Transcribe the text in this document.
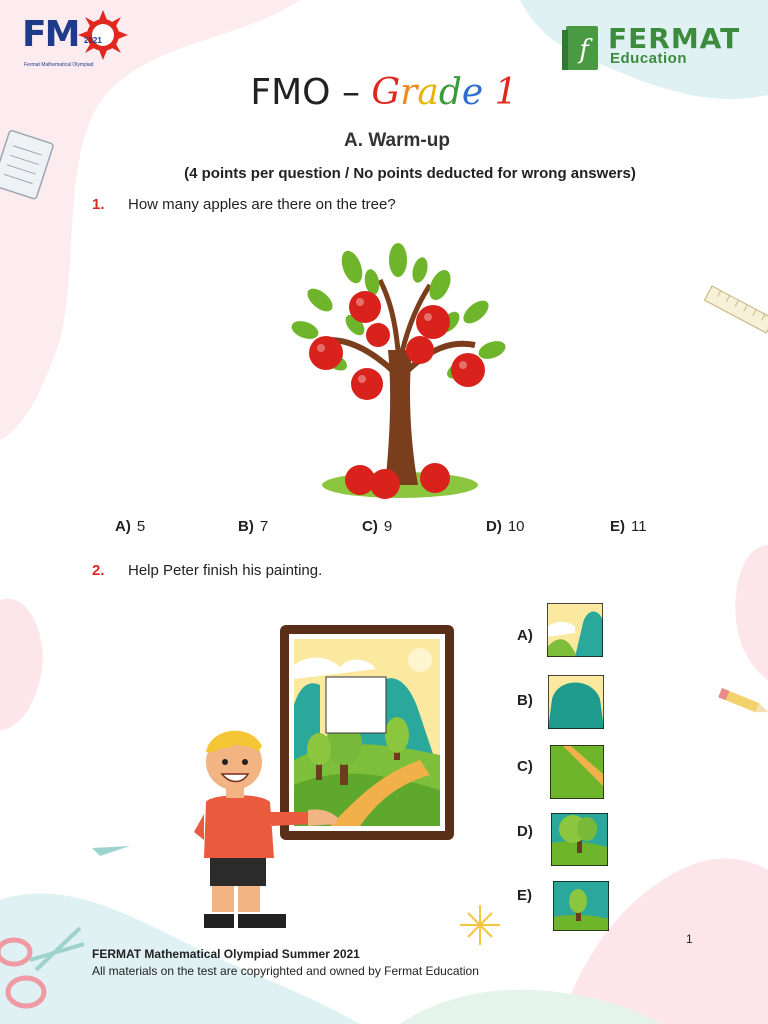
FM 2021
Fermat Mathematical Olympiad	f FERMAT
Education
FMO – Grade 1
A. Warm-up
(4 points per question / No points deducted for wrong answers)
1. How many apples are there on the tree?
A) 5	B) 7	C) 9	D) 10	E) 11
2. Help Peter finish his painting.
A)
B)
C)
D)
E)
FERMAT Mathematical Olympiad Summer 2021
All materials on the test are copyrighted and owned by Fermat Education
1
